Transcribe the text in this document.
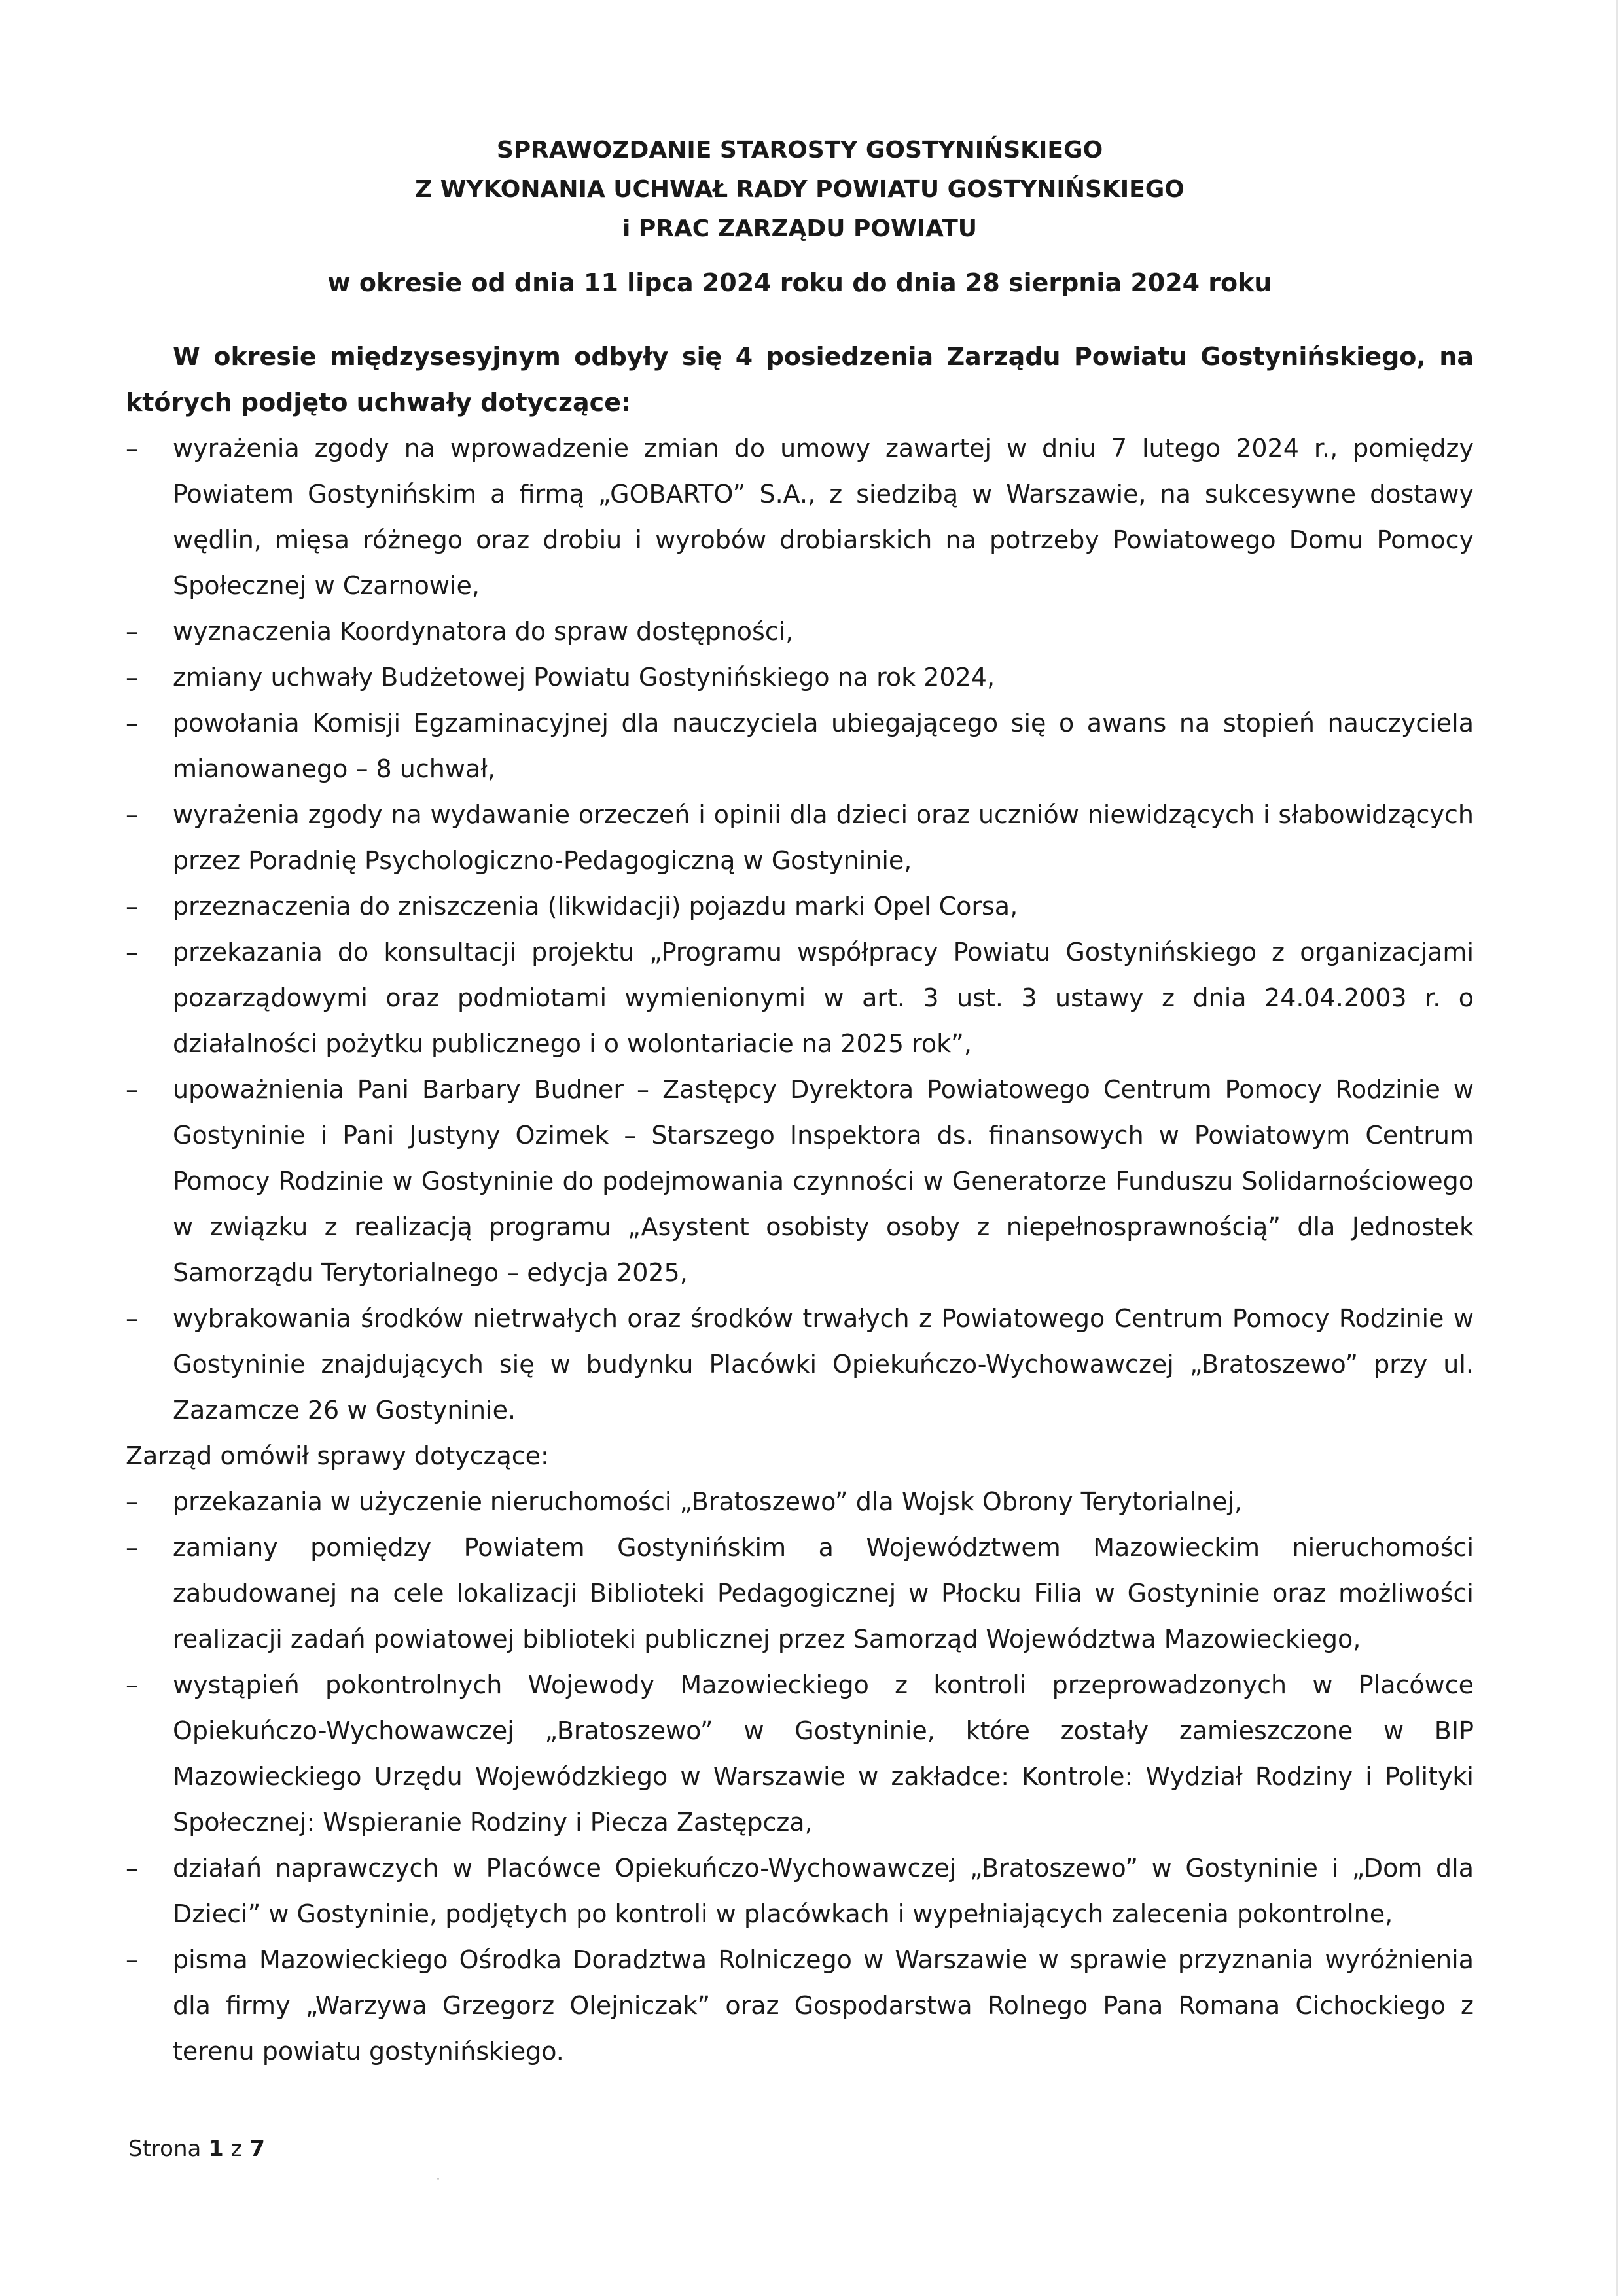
SPRAWOZDANIE STAROSTY GOSTYNIŃSKIEGO
Z WYKONANIA UCHWAŁ RADY POWIATU GOSTYNIŃSKIEGO
i PRAC ZARZĄDU POWIATU
w okresie od dnia 11 lipca 2024 roku do dnia 28 sierpnia 2024 roku

W okresie międzysesyjnym odbyły się 4 posiedzenia Zarządu Powiatu Gostynińskiego, na których podjęto uchwały dotyczące:

– wyrażenia zgody na wprowadzenie zmian do umowy zawartej w dniu 7 lutego 2024 r., pomiędzy Powiatem Gostynińskim a firmą „GOBARTO” S.A., z siedzibą w Warszawie, na sukcesywne dostawy wędlin, mięsa różnego oraz drobiu i wyrobów drobiarskich na potrzeby Powiatowego Domu Pomocy Społecznej w Czarnowie,
– wyznaczenia Koordynatora do spraw dostępności,
– zmiany uchwały Budżetowej Powiatu Gostynińskiego na rok 2024,
– powołania Komisji Egzaminacyjnej dla nauczyciela ubiegającego się o awans na stopień nauczyciela mianowanego – 8 uchwał,
– wyrażenia zgody na wydawanie orzeczeń i opinii dla dzieci oraz uczniów niewidzących i słabowidzących przez Poradnię Psychologiczno-Pedagogiczną w Gostyninie,
– przeznaczenia do zniszczenia (likwidacji) pojazdu marki Opel Corsa,
– przekazania do konsultacji projektu „Programu współpracy Powiatu Gostynińskiego z organizacjami pozarządowymi oraz podmiotami wymienionymi w art. 3 ust. 3 ustawy z dnia 24.04.2003 r. o działalności pożytku publicznego i o wolontariacie na 2025 rok”,
– upoważnienia Pani Barbary Budner – Zastępcy Dyrektora Powiatowego Centrum Pomocy Rodzinie w Gostyninie i Pani Justyny Ozimek – Starszego Inspektora ds. finansowych w Powiatowym Centrum Pomocy Rodzinie w Gostyninie do podejmowania czynności w Generatorze Funduszu Solidarnościowego w związku z realizacją programu „Asystent osobisty osoby z niepełnosprawnością” dla Jednostek Samorządu Terytorialnego – edycja 2025,
– wybrakowania środków nietrwałych oraz środków trwałych z Powiatowego Centrum Pomocy Rodzinie w Gostyninie znajdujących się w budynku Placówki Opiekuńczo-Wychowawczej „Bratoszewo” przy ul. Zazamcze 26 w Gostyninie.

Zarząd omówił sprawy dotyczące:

– przekazania w użyczenie nieruchomości „Bratoszewo” dla Wojsk Obrony Terytorialnej,
– zamiany pomiędzy Powiatem Gostynińskim a Województwem Mazowieckim nieruchomości zabudowanej na cele lokalizacji Biblioteki Pedagogicznej w Płocku Filia w Gostyninie oraz możliwości realizacji zadań powiatowej biblioteki publicznej przez Samorząd Województwa Mazowieckiego,
– wystąpień pokontrolnych Wojewody Mazowieckiego z kontroli przeprowadzonych w Placówce Opiekuńczo-Wychowawczej „Bratoszewo” w Gostyninie, które zostały zamieszczone w BIP Mazowieckiego Urzędu Wojewódzkiego w Warszawie w zakładce: Kontrole: Wydział Rodziny i Polityki Społecznej: Wspieranie Rodziny i Piecza Zastępcza,
– działań naprawczych w Placówce Opiekuńczo-Wychowawczej „Bratoszewo” w Gostyninie i „Dom dla Dzieci” w Gostyninie, podjętych po kontroli w placówkach i wypełniających zalecenia pokontrolne,
– pisma Mazowieckiego Ośrodka Doradztwa Rolniczego w Warszawie w sprawie przyznania wyróżnienia dla firmy „Warzywa Grzegorz Olejniczak” oraz Gospodarstwa Rolnego Pana Romana Cichockiego z terenu powiatu gostynińskiego.
Strona 1 z 7
